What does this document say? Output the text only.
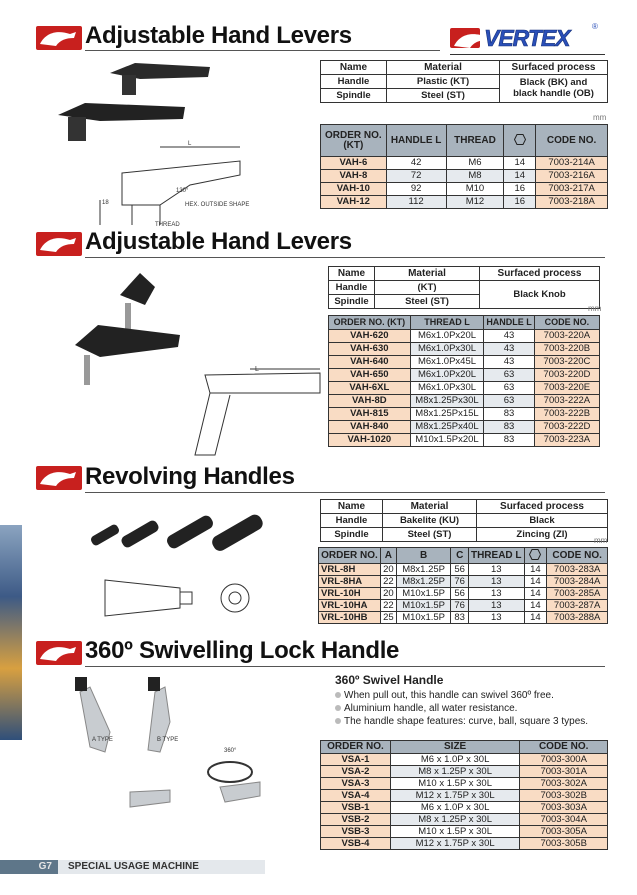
Adjustable Hand Levers	VERTEX	®
Adjustable Hand Levers
Revolving Handles
360º Swivelling Lock Handle
L
130°
18	HEX. OUTSIDE SHAPE
THREAD
L
A TYPE	B TYPE
360°
Name	Material	Surfaced process
Handle	Plastic (KT)	Black (BK) and black handle (OB)
Spindle	Steel (ST)	
Name	Material	Surfaced process
Handle	(KT)	Black Knob
Spindle	Steel (ST)	
Name	Material	Surfaced process
Handle	Bakelite (KU)	Black
Spindle	Steel (ST)	Zincing (ZI)
mm
mm
mm
ORDER NO. (KT)	HANDLE L	THREAD		CODE NO.
VAH-6	42	M6	14	7003-214A
VAH-8	72	M8	14	7003-216A
VAH-10	92	M10	16	7003-217A
VAH-12	112	M12	16	7003-218A
ORDER NO. (KT)	THREAD L	HANDLE L	CODE NO.
VAH-620	M6x1.0Px20L	43	7003-220A
VAH-630	M6x1.0Px30L	43	7003-220B
VAH-640	M6x1.0Px45L	43	7003-220C
VAH-650	M6x1.0Px20L	63	7003-220D
VAH-6XL	M6x1.0Px30L	63	7003-220E
VAH-8D	M8x1.25Px30L	63	7003-222A
VAH-815	M8x1.25Px15L	83	7003-222B
VAH-840	M8x1.25Px40L	83	7003-222D
VAH-1020	M10x1.5Px20L	83	7003-223A
ORDER NO.	A	B	C	THREAD L		CODE NO.
VRL-8H	20	M8x1.25P	56	13	14	7003-283A
VRL-8HA	22	M8x1.25P	76	13	14	7003-284A
VRL-10H	20	M10x1.5P	56	13	14	7003-285A
VRL-10HA	22	M10x1.5P	76	13	14	7003-287A
VRL-10HB	25	M10x1.5P	83	13	14	7003-288A
ORDER NO.	SIZE	CODE NO.
VSA-1	M6 x 1.0P x 30L	7003-300A
VSA-2	M8 x 1.25P x 30L	7003-301A
VSA-3	M10 x 1.5P x 30L	7003-302A
VSA-4	M12 x 1.75P x 30L	7003-302B
VSB-1	M6 x 1.0P x 30L	7003-303A
VSB-2	M8 x 1.25P x 30L	7003-304A
VSB-3	M10 x 1.5P x 30L	7003-305A
VSB-4	M12 x 1.75P x 30L	7003-305B
360º Swivel Handle
When pull out, this handle can swivel 360º free.
Aluminium handle, all water resistance.
The handle shape features: curve, ball, square 3 types.
G7	SPECIAL USAGE MACHINE
